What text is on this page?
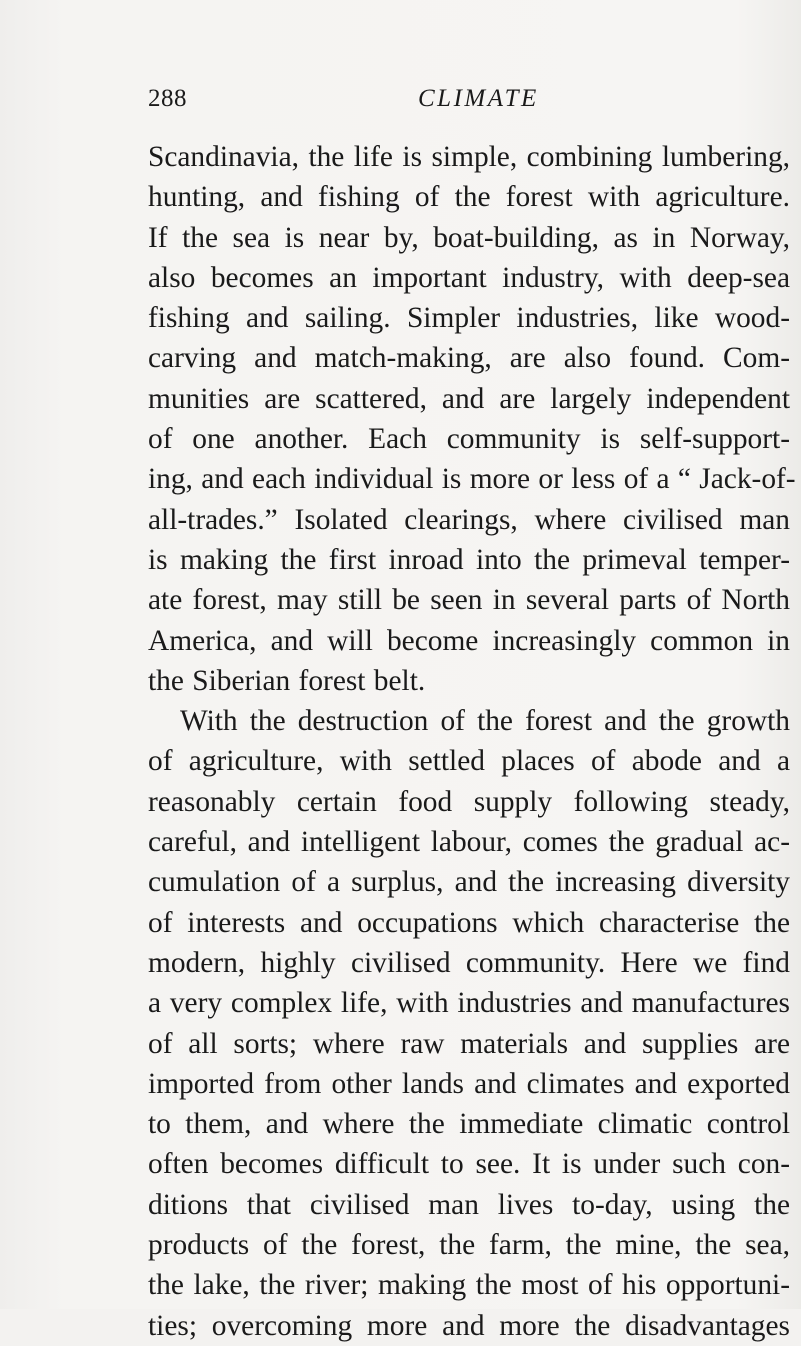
288	CLIMATE
Scandinavia, the life is simple, combining lumbering,
hunting, and fishing of the forest with agriculture.
If the sea is near by, boat-building, as in Norway,
also becomes an important industry, with deep-sea
fishing and sailing. Simpler industries, like wood-
carving and match-making, are also found. Com-
munities are scattered, and are largely independent
of one another. Each community is self-support-
ing, and each individual is more or less of a “ Jack-of-
all-trades.” Isolated clearings, where civilised man
is making the first inroad into the primeval temper-
ate forest, may still be seen in several parts of North
America, and will become increasingly common in
the Siberian forest belt.
With the destruction of the forest and the growth
of agriculture, with settled places of abode and a
reasonably certain food supply following steady,
careful, and intelligent labour, comes the gradual ac-
cumulation of a surplus, and the increasing diversity
of interests and occupations which characterise the
modern, highly civilised community. Here we find
a very complex life, with industries and manufactures
of all sorts; where raw materials and supplies are
imported from other lands and climates and exported
to them, and where the immediate climatic control
often becomes difficult to see. It is under such con-
ditions that civilised man lives to-day, using the
products of the forest, the farm, the mine, the sea,
the lake, the river; making the most of his opportuni-
ties; overcoming more and more the disadvantages
